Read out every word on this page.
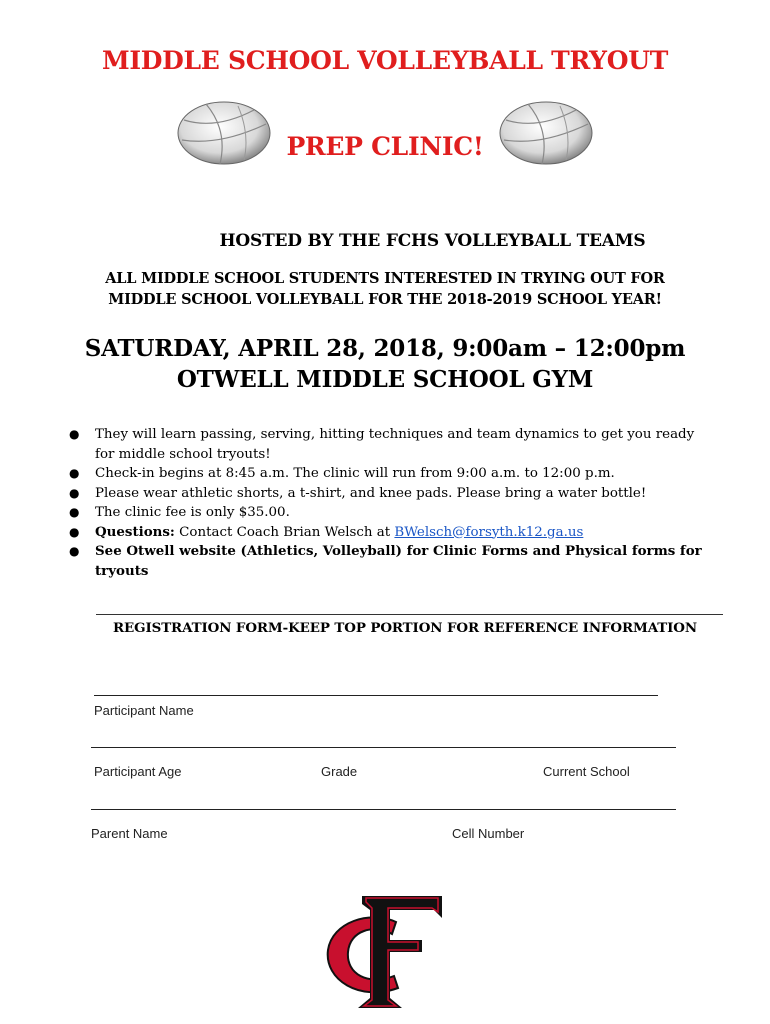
MIDDLE SCHOOL VOLLEYBALL TRYOUT
PREP CLINIC!
HOSTED BY THE FCHS VOLLEYBALL TEAMS
ALL MIDDLE SCHOOL STUDENTS INTERESTED IN TRYING OUT FOR
MIDDLE SCHOOL VOLLEYBALL FOR THE 2018-2019 SCHOOL YEAR!
SATURDAY, APRIL 28, 2018, 9:00am – 12:00pm
OTWELL MIDDLE SCHOOL GYM
● They will learn passing, serving, hitting techniques and team dynamics to get you ready for middle school tryouts!
● Check-in begins at 8:45 a.m. The clinic will run from 9:00 a.m. to 12:00 p.m.
● Please wear athletic shorts, a t-shirt, and knee pads. Please bring a water bottle!
● The clinic fee is only $35.00.
● Questions: Contact Coach Brian Welsch at BWelsch@forsyth.k12.ga.us
● See Otwell website (Athletics, Volleyball) for Clinic Forms and Physical forms for tryouts
REGISTRATION FORM-KEEP TOP PORTION FOR REFERENCE INFORMATION
Participant Name
Participant Age	Grade	Current School
Parent Name	Cell Number
